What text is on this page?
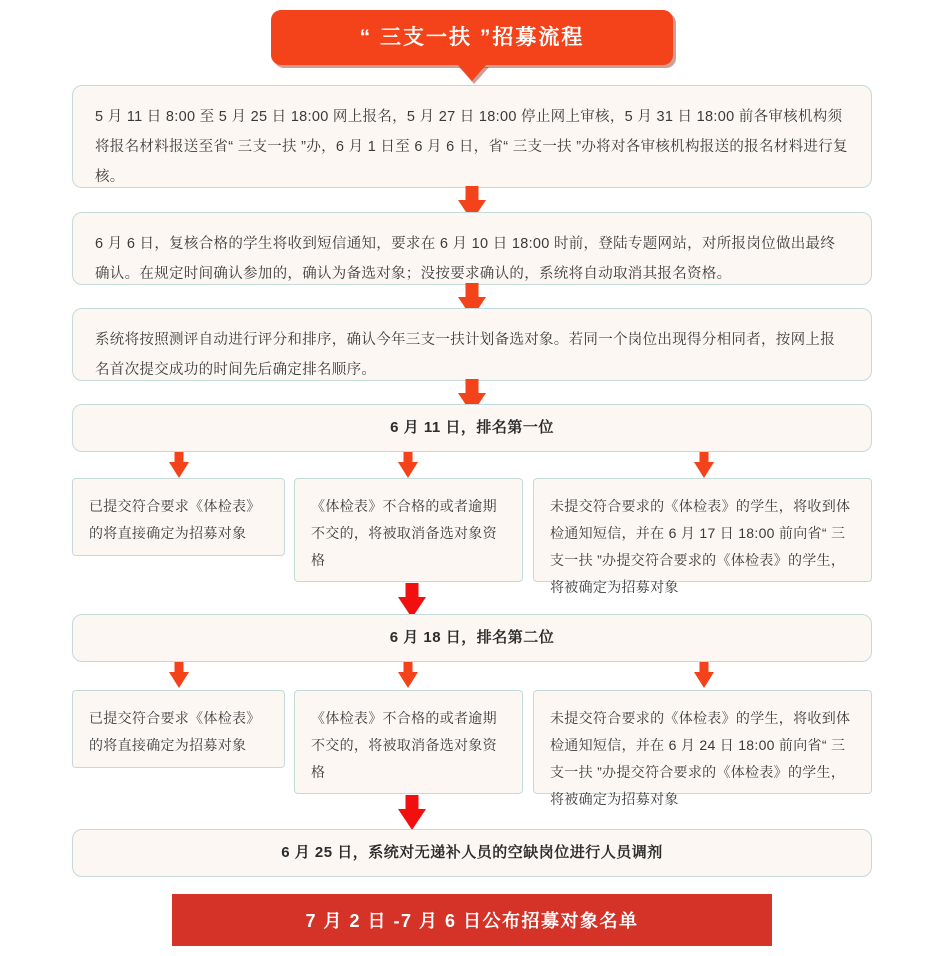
“ 三支一扶 ”招募流程

5 月 11 日 8:00 至 5 月 25 日 18:00 网上报名，5 月 27 日 18:00 停止网上审核，5 月 31 日 18:00 前各审核机构须将报名材料报送至省“ 三支一扶 ”办，6 月 1 日至 6 月 6 日，省“ 三支一扶 ”办将对各审核机构报送的报名材料进行复核。

6 月 6 日，复核合格的学生将收到短信通知，要求在 6 月 10 日 18:00 时前，登陆专题网站，对所报岗位做出最终确认。在规定时间确认参加的，确认为备选对象；没按要求确认的，系统将自动取消其报名资格。

系统将按照测评自动进行评分和排序，确认今年三支一扶计划备选对象。若同一个岗位出现得分相同者，按网上报名首次提交成功的时间先后确定排名顺序。

6 月 11 日，排名第一位

已提交符合要求《体检表》的将直接确定为招募对象

《体检表》不合格的或者逾期不交的，将被取消备选对象资格

未提交符合要求的《体检表》的学生，将收到体检通知短信，并在 6 月 17 日 18:00 前向省“ 三支一扶 ”办提交符合要求的《体检表》的学生，将被确定为招募对象

6 月 18 日，排名第二位

已提交符合要求《体检表》的将直接确定为招募对象

《体检表》不合格的或者逾期不交的，将被取消备选对象资格

未提交符合要求的《体检表》的学生，将收到体检通知短信，并在 6 月 24 日 18:00 前向省“ 三支一扶 ”办提交符合要求的《体检表》的学生，将被确定为招募对象

6 月 25 日，系统对无递补人员的空缺岗位进行人员调剂

7 月 2 日 -7 月 6 日公布招募对象名单
